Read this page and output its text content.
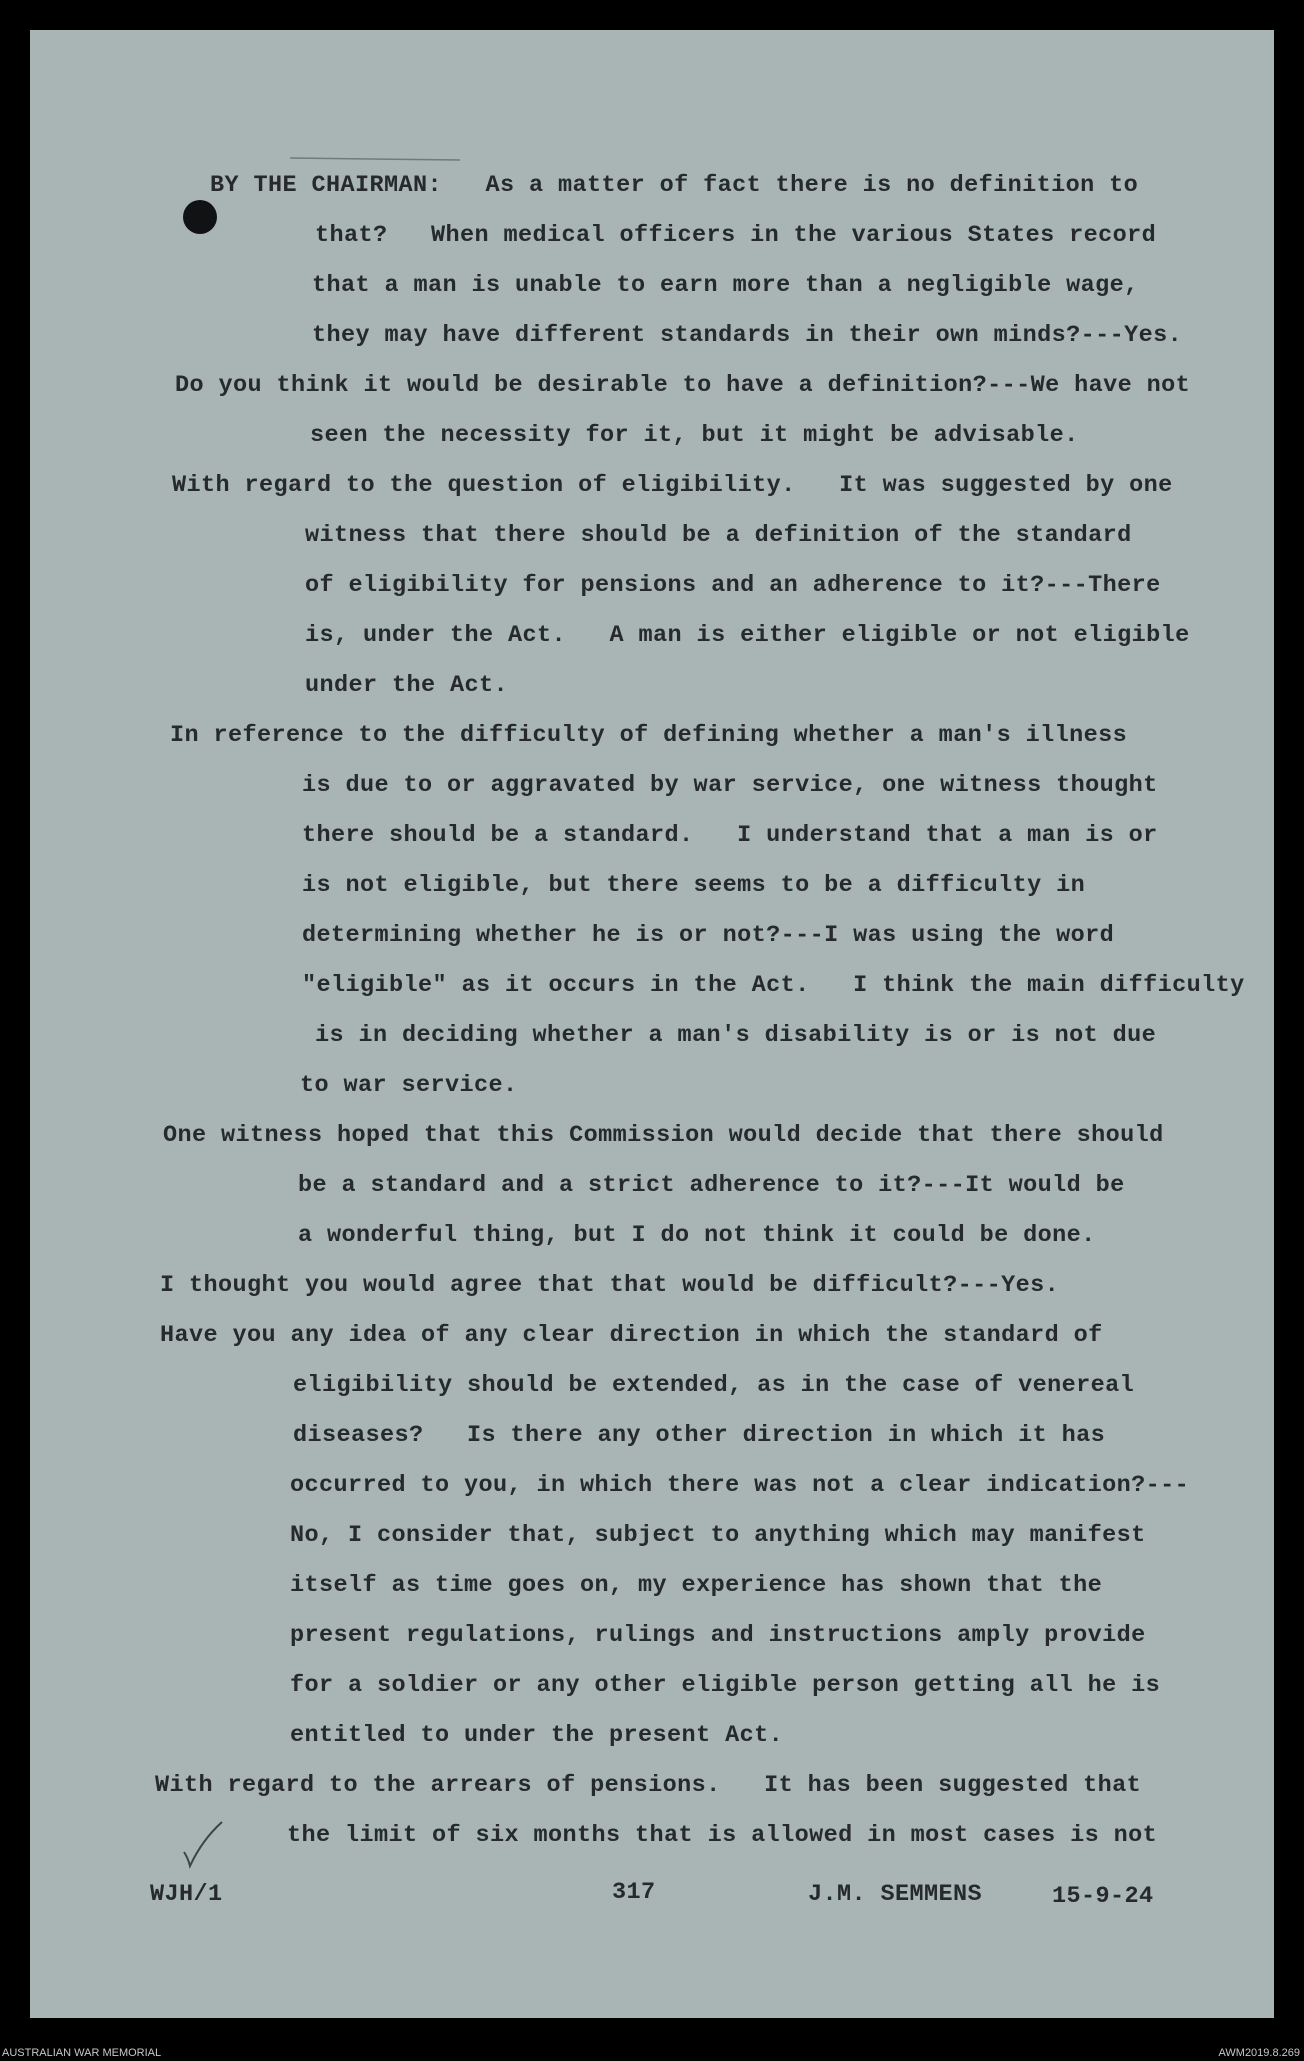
BY THE CHAIRMAN:   As a matter of fact there is no definition to
that?   When medical officers in the various States record
that a man is unable to earn more than a negligible wage,
they may have different standards in their own minds?---Yes.
Do you think it would be desirable to have a definition?---We have not
seen the necessity for it, but it might be advisable.
With regard to the question of eligibility.   It was suggested by one
witness that there should be a definition of the standard
of eligibility for pensions and an adherence to it?---There
is, under the Act.   A man is either eligible or not eligible
under the Act.
In reference to the difficulty of defining whether a man's illness
is due to or aggravated by war service, one witness thought
there should be a standard.   I understand that a man is or
is not eligible, but there seems to be a difficulty in
determining whether he is or not?---I was using the word
"eligible" as it occurs in the Act.   I think the main difficulty
is in deciding whether a man's disability is or is not due
to war service.
One witness hoped that this Commission would decide that there should
be a standard and a strict adherence to it?---It would be
a wonderful thing, but I do not think it could be done.
I thought you would agree that that would be difficult?---Yes.
Have you any idea of any clear direction in which the standard of
eligibility should be extended, as in the case of venereal
diseases?   Is there any other direction in which it has
occurred to you, in which there was not a clear indication?---
No, I consider that, subject to anything which may manifest
itself as time goes on, my experience has shown that the
present regulations, rulings and instructions amply provide
for a soldier or any other eligible person getting all he is
entitled to under the present Act.
With regard to the arrears of pensions.   It has been suggested that
the limit of six months that is allowed in most cases is not
WJH/1	317	J.M. SEMMENS	15-9-24
AUSTRALIAN WAR MEMORIAL	AWM2019.8.269
